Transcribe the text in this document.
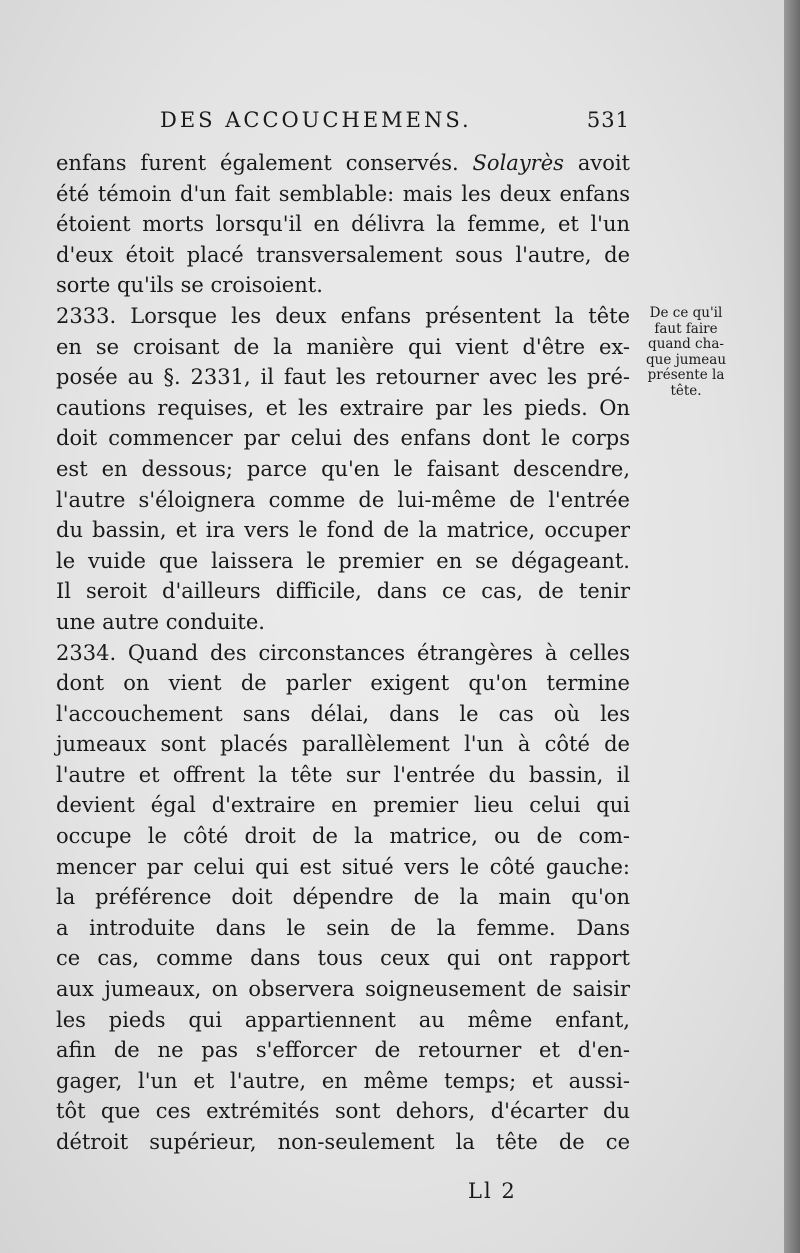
DES ACCOUCHEMENS.	531
enfans furent également conservés. Solayrès avoit
été témoin d'un fait semblable: mais les deux enfans
étoient morts lorsqu'il en délivra la femme, et l'un
d'eux étoit placé transversalement sous l'autre, de
sorte qu'ils se croisoient.
2333. Lorsque les deux enfans présentent la tête
en se croisant de la manière qui vient d'être ex-
posée au §. 2331, il faut les retourner avec les pré-
cautions requises, et les extraire par les pieds. On
doit commencer par celui des enfans dont le corps
est en dessous; parce qu'en le faisant descendre,
l'autre s'éloignera comme de lui-même de l'entrée
du bassin, et ira vers le fond de la matrice, occuper
le vuide que laissera le premier en se dégageant.
Il seroit d'ailleurs difficile, dans ce cas, de tenir
une autre conduite.
2334. Quand des circonstances étrangères à celles
dont on vient de parler exigent qu'on termine
l'accouchement sans délai, dans le cas où les
jumeaux sont placés parallèlement l'un à côté de
l'autre et offrent la tête sur l'entrée du bassin, il
devient égal d'extraire en premier lieu celui qui
occupe le côté droit de la matrice, ou de com-
mencer par celui qui est situé vers le côté gauche:
la préférence doit dépendre de la main qu'on
a introduite dans le sein de la femme. Dans
ce cas, comme dans tous ceux qui ont rapport
aux jumeaux, on observera soigneusement de saisir
les pieds qui appartiennent au même enfant,
afin de ne pas s'efforcer de retourner et d'en-
gager, l'un et l'autre, en même temps; et aussi-
tôt que ces extrémités sont dehors, d'écarter du
détroit supérieur, non-seulement la tête de ce
De ce qu'il
faut faire
quand cha-
que jumeau
présente la
tête.
Ll 2
